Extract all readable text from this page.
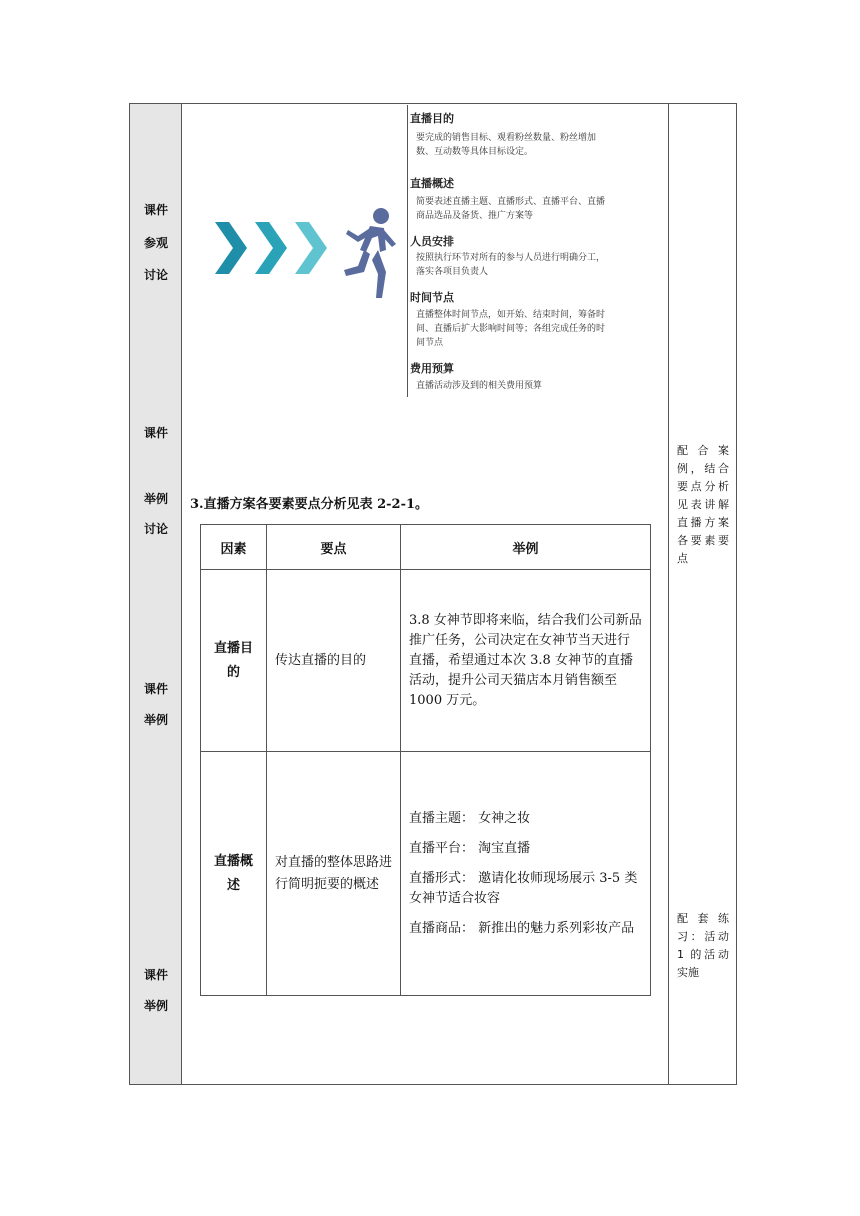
课件
参观
讨论
课件
举例
讨论
课件
举例
课件
举例
配 合 案
例，结合
要点分析
见表讲解
直播方案
各要素要
点
配 套 练
习：活动
1 的活动
实施
直播目的
要完成的销售目标、观看粉丝数量、粉丝增加数、互动数等具体目标设定。
直播概述
简要表述直播主题、直播形式、直播平台、直播商品选品及备货、推广方案等
人员安排
按照执行环节对所有的参与人员进行明确分工，落实各项目负责人
时间节点
直播整体时间节点，如开始、结束时间，筹备时间、直播后扩大影响时间等；各组完成任务的时间节点
费用预算
直播活动涉及到的相关费用预算
3.直播方案各要素要点分析见表 2-2-1。
因素	要点	举例

直播目的	传达直播的目的	3.8 女神节即将来临，结合我们公司新品推广任务，公司决定在女神节当天进行直播，希望通过本次 3.8 女神节的直播活动，提升公司天猫店本月销售额至 1000 万元。

直播概述	对直播的整体思路进行简明扼要的概述	直播主题： 女神之妆
直播平台： 淘宝直播
直播形式： 邀请化妆师现场展示 3-5 类女神节适合妆容
直播商品： 新推出的魅力系列彩妆产品
